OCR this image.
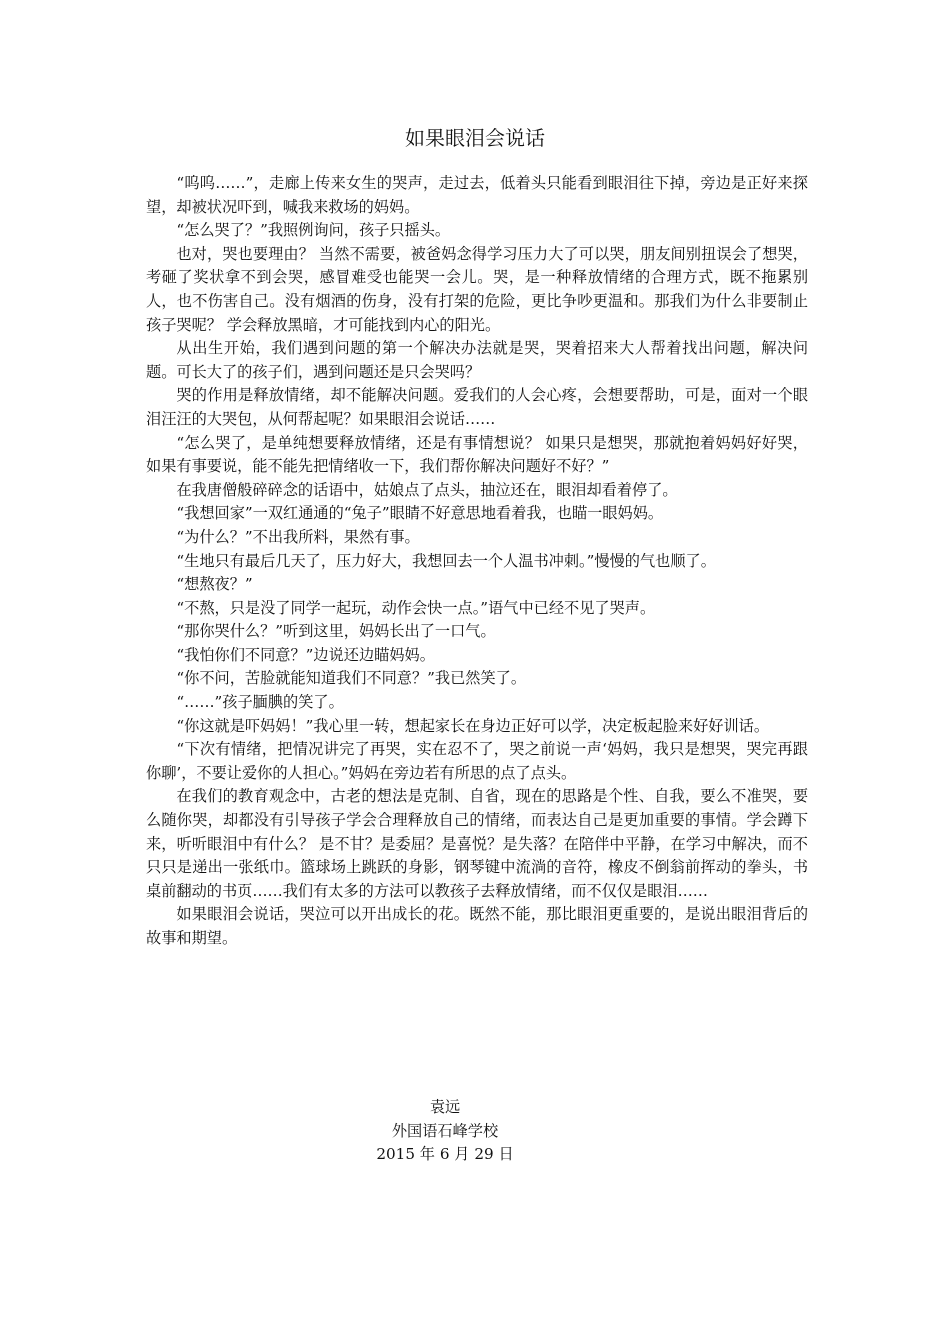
如果眼泪会说话

“呜呜……”，走廊上传来女生的哭声，走过去，低着头只能看到眼泪往下掉，旁边是正好来探望，却被状况吓到，喊我来救场的妈妈。

“怎么哭了？”我照例询问，孩子只摇头。

也对，哭也要理由？ 当然不需要，被爸妈念得学习压力大了可以哭，朋友间别扭误会了想哭，考砸了奖状拿不到会哭，感冒难受也能哭一会儿。哭，是一种释放情绪的合理方式，既不拖累别人，也不伤害自己。没有烟酒的伤身，没有打架的危险，更比争吵更温和。那我们为什么非要制止孩子哭呢？ 学会释放黑暗，才可能找到内心的阳光。

从出生开始，我们遇到问题的第一个解决办法就是哭，哭着招来大人帮着找出问题，解决问题。可长大了的孩子们，遇到问题还是只会哭吗？

哭的作用是释放情绪，却不能解决问题。爱我们的人会心疼，会想要帮助，可是，面对一个眼泪汪汪的大哭包，从何帮起呢？如果眼泪会说话……

“怎么哭了，是单纯想要释放情绪，还是有事情想说？ 如果只是想哭，那就抱着妈妈好好哭，如果有事要说，能不能先把情绪收一下，我们帮你解决问题好不好？”

在我唐僧般碎碎念的话语中，姑娘点了点头，抽泣还在，眼泪却看着停了。

“我想回家”一双红通通的“兔子”眼睛不好意思地看着我，也瞄一眼妈妈。

“为什么？”不出我所料，果然有事。

“生地只有最后几天了，压力好大，我想回去一个人温书冲刺。”慢慢的气也顺了。

“想熬夜？”

“不熬，只是没了同学一起玩，动作会快一点。”语气中已经不见了哭声。

“那你哭什么？”听到这里，妈妈长出了一口气。

“我怕你们不同意？”边说还边瞄妈妈。

“你不问，苦脸就能知道我们不同意？”我已然笑了。

“……”孩子腼腆的笑了。

“你这就是吓妈妈！”我心里一转，想起家长在身边正好可以学，决定板起脸来好好训话。

“下次有情绪，把情况讲完了再哭，实在忍不了，哭之前说一声‘妈妈，我只是想哭，哭完再跟你聊’，不要让爱你的人担心。”妈妈在旁边若有所思的点了点头。

在我们的教育观念中，古老的想法是克制、自省，现在的思路是个性、自我，要么不准哭，要么随你哭，却都没有引导孩子学会合理释放自己的情绪，而表达自己是更加重要的事情。学会蹲下来，听听眼泪中有什么？ 是不甘？是委屈？是喜悦？是失落？在陪伴中平静，在学习中解决，而不只只是递出一张纸巾。篮球场上跳跃的身影，钢琴键中流淌的音符，橡皮不倒翁前挥动的拳头，书桌前翻动的书页……我们有太多的方法可以教孩子去释放情绪，而不仅仅是眼泪……

如果眼泪会说话，哭泣可以开出成长的花。既然不能，那比眼泪更重要的，是说出眼泪背后的故事和期望。

袁远
外国语石峰学校
2015 年 6 月 29 日
